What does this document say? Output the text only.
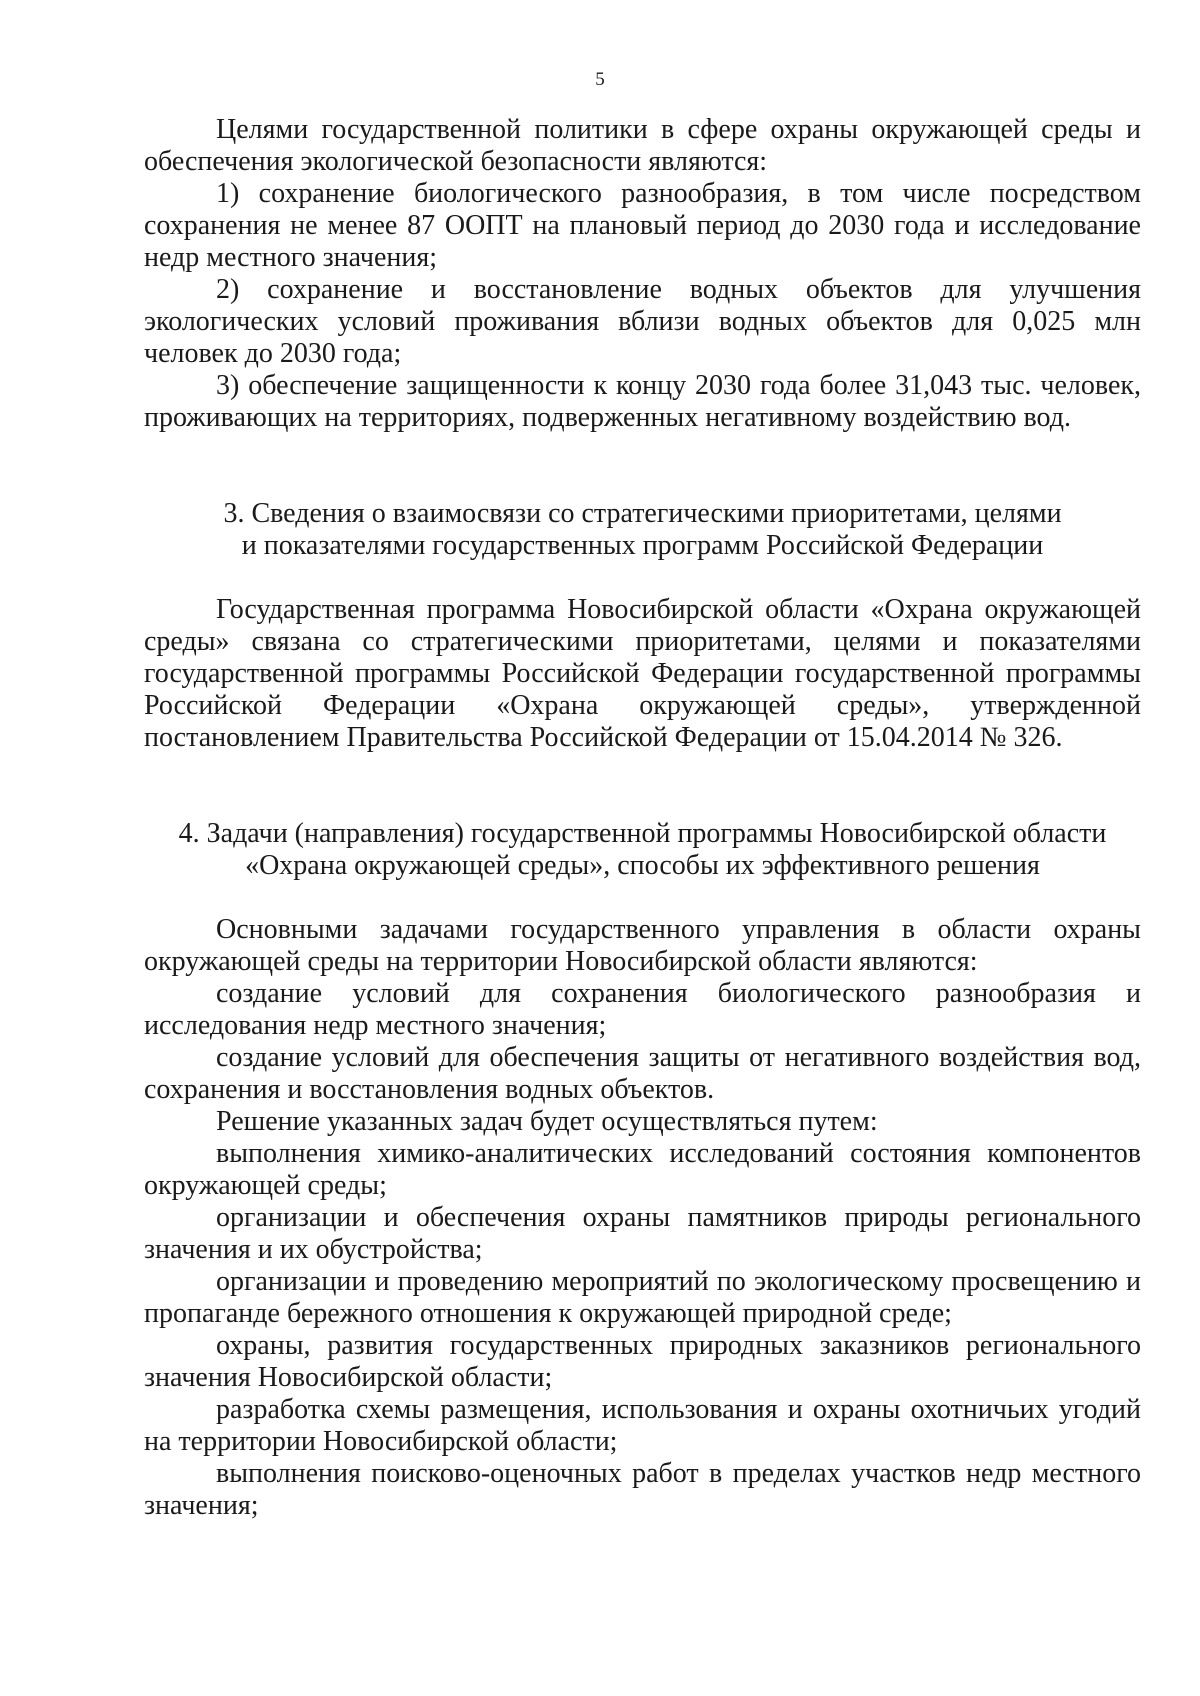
5

Целями государственной политики в сфере охраны окружающей среды и обеспечения экологической безопасности являются:

1) сохранение биологического разнообразия, в том числе посредством сохранения не менее 87 ООПТ на плановый период до 2030 года и исследование недр местного значения;

2) сохранение и восстановление водных объектов для улучшения экологических условий проживания вблизи водных объектов для 0,025 млн человек до 2030 года;

3) обеспечение защищенности к концу 2030 года более 31,043 тыс. человек, проживающих на территориях, подверженных негативному воздействию вод.

3. Сведения о взаимосвязи со стратегическими приоритетами, целями
и показателями государственных программ Российской Федерации

Государственная программа Новосибирской области «Охрана окружающей среды» связана со стратегическими приоритетами, целями и показателями государственной программы Российской Федерации государственной программы Российской Федерации «Охрана окружающей среды», утвержденной постановлением Правительства Российской Федерации от 15.04.2014 № 326.

4. Задачи (направления) государственной программы Новосибирской области
«Охрана окружающей среды», способы их эффективного решения

Основными задачами государственного управления в области охраны окружающей среды на территории Новосибирской области являются:

создание условий для сохранения биологического разнообразия и исследования недр местного значения;

создание условий для обеспечения защиты от негативного воздействия вод, сохранения и восстановления водных объектов.

Решение указанных задач будет осуществляться путем:

выполнения химико-аналитических исследований состояния компонентов окружающей среды;

организации и обеспечения охраны памятников природы регионального значения и их обустройства;

организации и проведению мероприятий по экологическому просвещению и пропаганде бережного отношения к окружающей природной среде;

охраны, развития государственных природных заказников регионального значения Новосибирской области;

разработка схемы размещения, использования и охраны охотничьих угодий на территории Новосибирской области;

выполнения поисково-оценочных работ в пределах участков недр местного значения;
